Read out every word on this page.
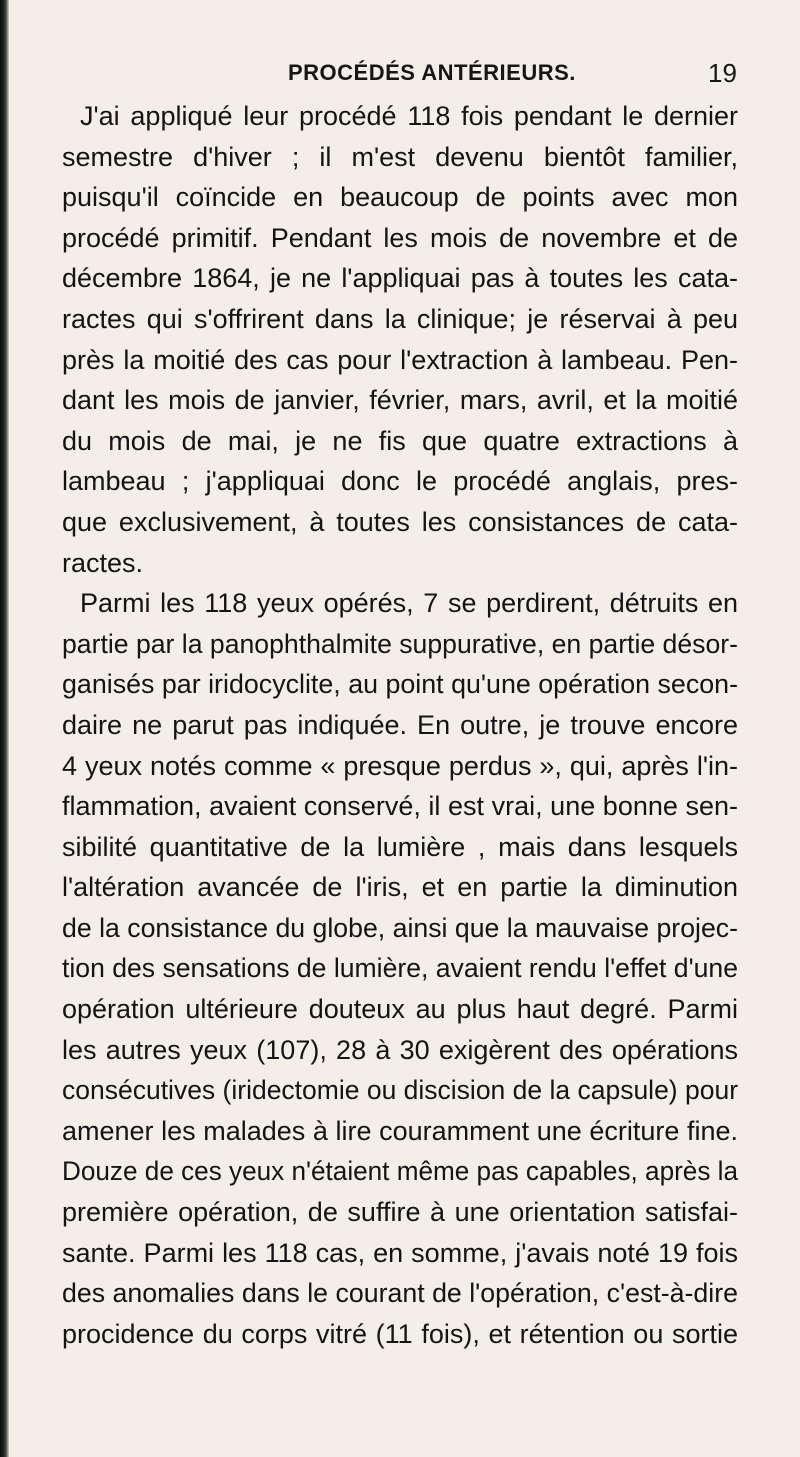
PROCÉDÉS ANTÉRIEURS.	19
J'ai appliqué leur procédé 118 fois pendant le dernier
semestre d'hiver ; il m'est devenu bientôt familier,
puisqu'il coïncide en beaucoup de points avec mon
procédé primitif. Pendant les mois de novembre et de
décembre 1864, je ne l'appliquai pas à toutes les cata-
ractes qui s'offrirent dans la clinique; je réservai à peu
près la moitié des cas pour l'extraction à lambeau. Pen-
dant les mois de janvier, février, mars, avril, et la moitié
du mois de mai, je ne fis que quatre extractions à
lambeau ; j'appliquai donc le procédé anglais, pres-
que exclusivement, à toutes les consistances de cata-
ractes.
Parmi les 118 yeux opérés, 7 se perdirent, détruits en
partie par la panophthalmite suppurative, en partie désor-
ganisés par iridocyclite, au point qu'une opération secon-
daire ne parut pas indiquée. En outre, je trouve encore
4 yeux notés comme « presque perdus », qui, après l'in-
flammation, avaient conservé, il est vrai, une bonne sen-
sibilité quantitative de la lumière , mais dans lesquels
l'altération avancée de l'iris, et en partie la diminution
de la consistance du globe, ainsi que la mauvaise projec-
tion des sensations de lumière, avaient rendu l'effet d'une
opération ultérieure douteux au plus haut degré. Parmi
les autres yeux (107), 28 à 30 exigèrent des opérations
consécutives (iridectomie ou discision de la capsule) pour
amener les malades à lire couramment une écriture fine.
Douze de ces yeux n'étaient même pas capables, après la
première opération, de suffire à une orientation satisfai-
sante. Parmi les 118 cas, en somme, j'avais noté 19 fois
des anomalies dans le courant de l'opération, c'est-à-dire
procidence du corps vitré (11 fois), et rétention ou sortie
